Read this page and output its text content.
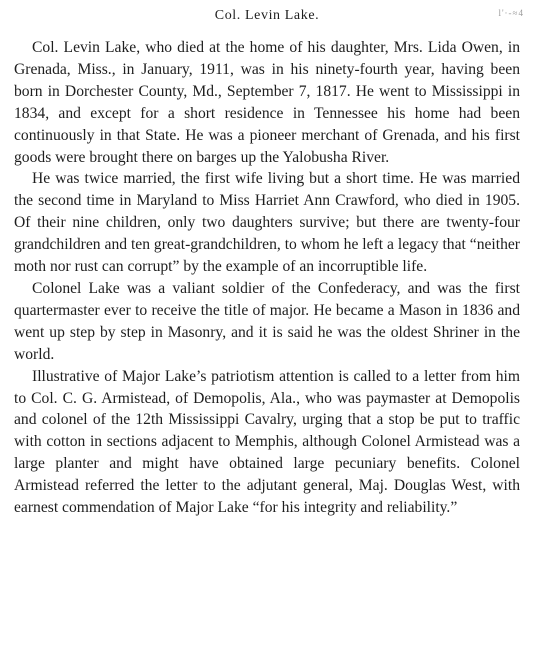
Col. Levin Lake.	l'·-≈4

Col. Levin Lake, who died at the home of his daughter, Mrs. Lida Owen, in Grenada, Miss., in January, 1911, was in his ninety-fourth year, having been born in Dorchester County, Md., September 7, 1817. He went to Mississippi in 1834, and except for a short residence in Tennessee his home had been continuously in that State. He was a pioneer merchant of Grenada, and his first goods were brought there on barges up the Yalobusha River.

He was twice married, the first wife living but a short time. He was married the second time in Maryland to Miss Harriet Ann Crawford, who died in 1905. Of their nine children, only two daughters survive; but there are twenty-four grandchildren and ten great-grandchildren, to whom he left a legacy that “neither moth nor rust can corrupt” by the example of an incorruptible life.

Colonel Lake was a valiant soldier of the Confederacy, and was the first quartermaster ever to receive the title of major. He became a Mason in 1836 and went up step by step in Masonry, and it is said he was the oldest Shriner in the world.

Illustrative of Major Lake’s patriotism attention is called to a letter from him to Col. C. G. Armistead, of Demopolis, Ala., who was paymaster at Demopolis and colonel of the 12th Mississippi Cavalry, urging that a stop be put to traffic with cotton in sections adjacent to Memphis, although Colonel Armistead was a large planter and might have obtained large pecuniary benefits. Colonel Armistead referred the letter to the adjutant general, Maj. Douglas West, with earnest commendation of Major Lake “for his integrity and reliability.”
